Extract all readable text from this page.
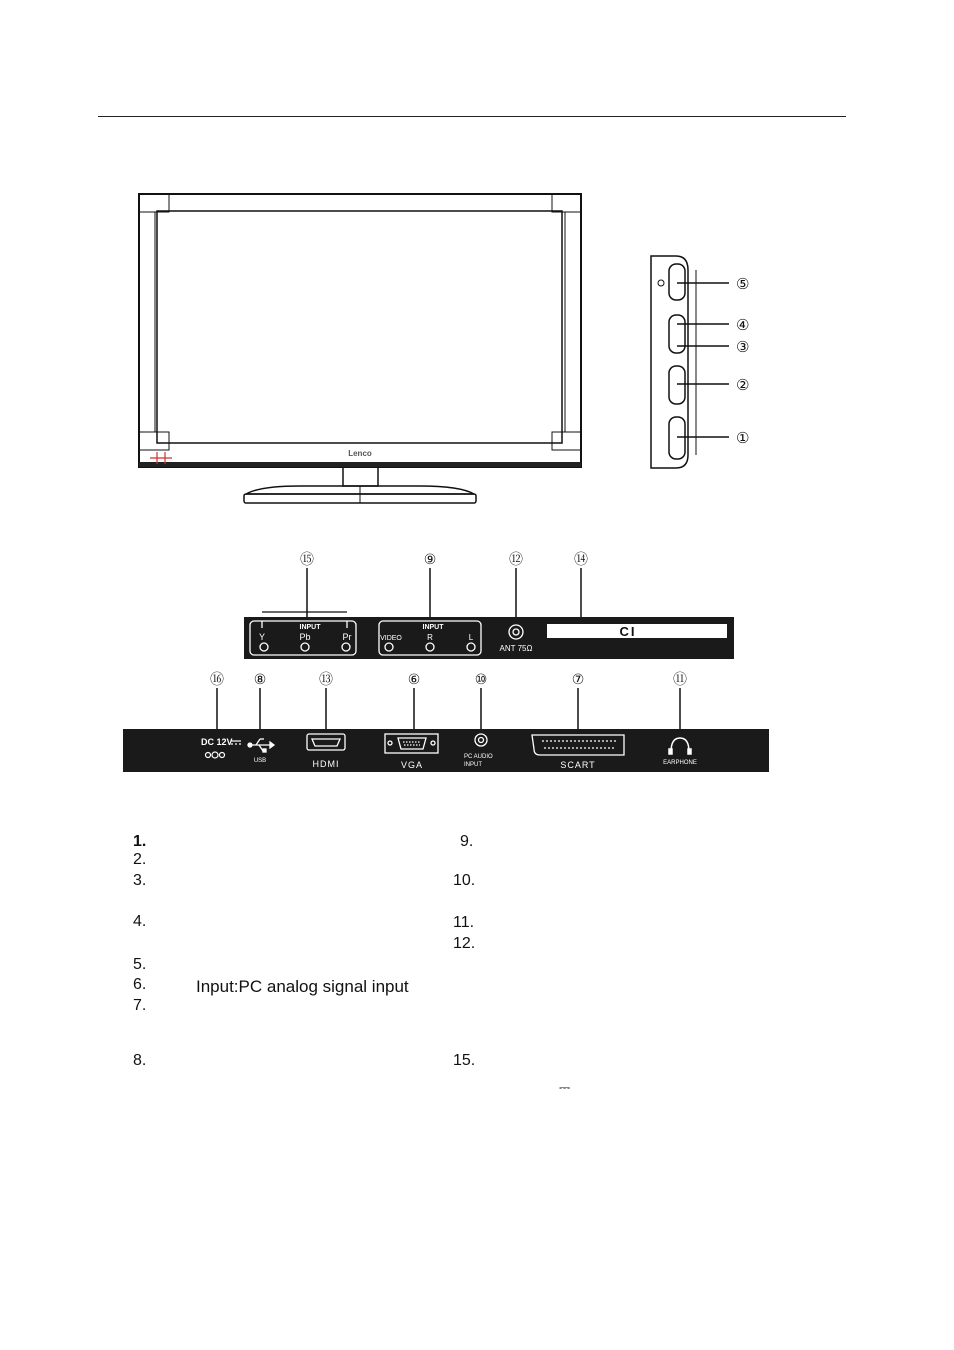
Lenco
⑤
④
③
②
①
⑮	⑨	⑫	⑭
INPUT
Y	Pb	Pr
INPUT
VIDEO	R	L
ANT 75Ω
CI
⑯ ⑧	⑬	⑥	⑩	⑦	⑪
DC 12V
USB	HDMI	VGA
PC AUDIO
INPUT	SCART	EARPHONE
1.
2.
3.
4.
5.
6.	Input:PC analog signal input
7.
8.
9.
10.
11.
12.
15.
⎓
